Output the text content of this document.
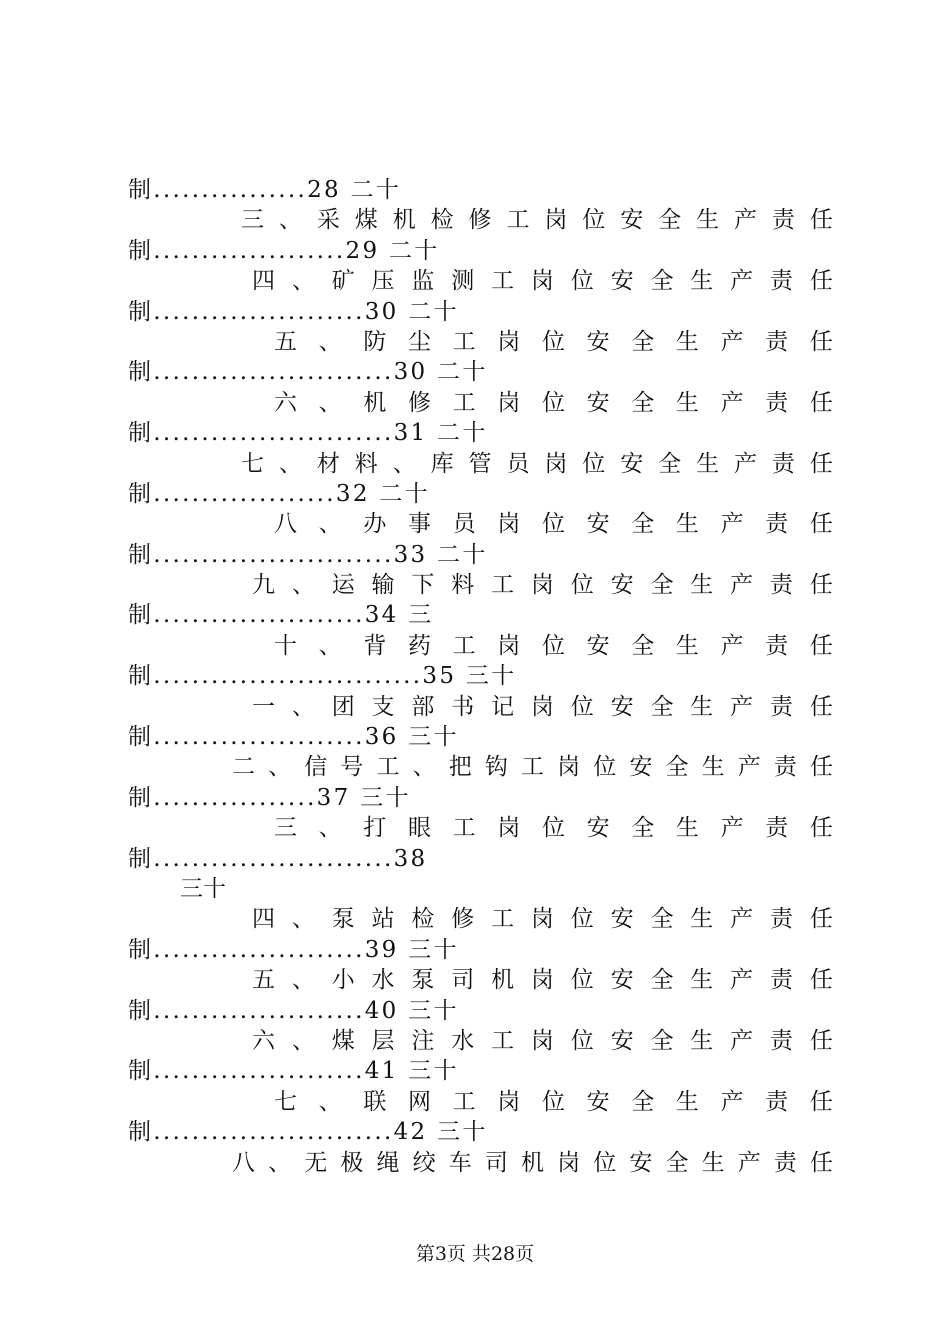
制................28 二十
三 、 采 煤 机 检 修 工 岗 位 安 全 生 产 责 任
制....................29 二十
四 、 矿 压 监 测 工 岗 位 安 全 生 产 责 任
制......................30 二十
五 、 防 尘 工 岗 位 安 全 生 产 责 任
制.........................30 二十
六 、 机 修 工 岗 位 安 全 生 产 责 任
制.........................31 二十
七 、 材 料 、 库 管 员 岗 位 安 全 生 产 责 任
制...................32 二十
八 、 办 事 员 岗 位 安 全 生 产 责 任
制.........................33 二十
九 、 运 输 下 料 工 岗 位 安 全 生 产 责 任
制......................34 三
十 、 背 药 工 岗 位 安 全 生 产 责 任
制............................35 三十
一 、 团 支 部 书 记 岗 位 安 全 生 产 责 任
制......................36 三十
二 、 信 号 工 、 把 钩 工 岗 位 安 全 生 产 责 任
制.................37 三十
三 、 打 眼 工 岗 位 安 全 生 产 责 任
制.........................38
三十
四 、 泵 站 检 修 工 岗 位 安 全 生 产 责 任
制......................39 三十
五 、 小 水 泵 司 机 岗 位 安 全 生 产 责 任
制......................40 三十
六 、 煤 层 注 水 工 岗 位 安 全 生 产 责 任
制......................41 三十
七 、 联 网 工 岗 位 安 全 生 产 责 任
制.........................42 三十
八 、 无 极 绳 绞 车 司 机 岗 位 安 全 生 产 责 任
第3页 共28页
